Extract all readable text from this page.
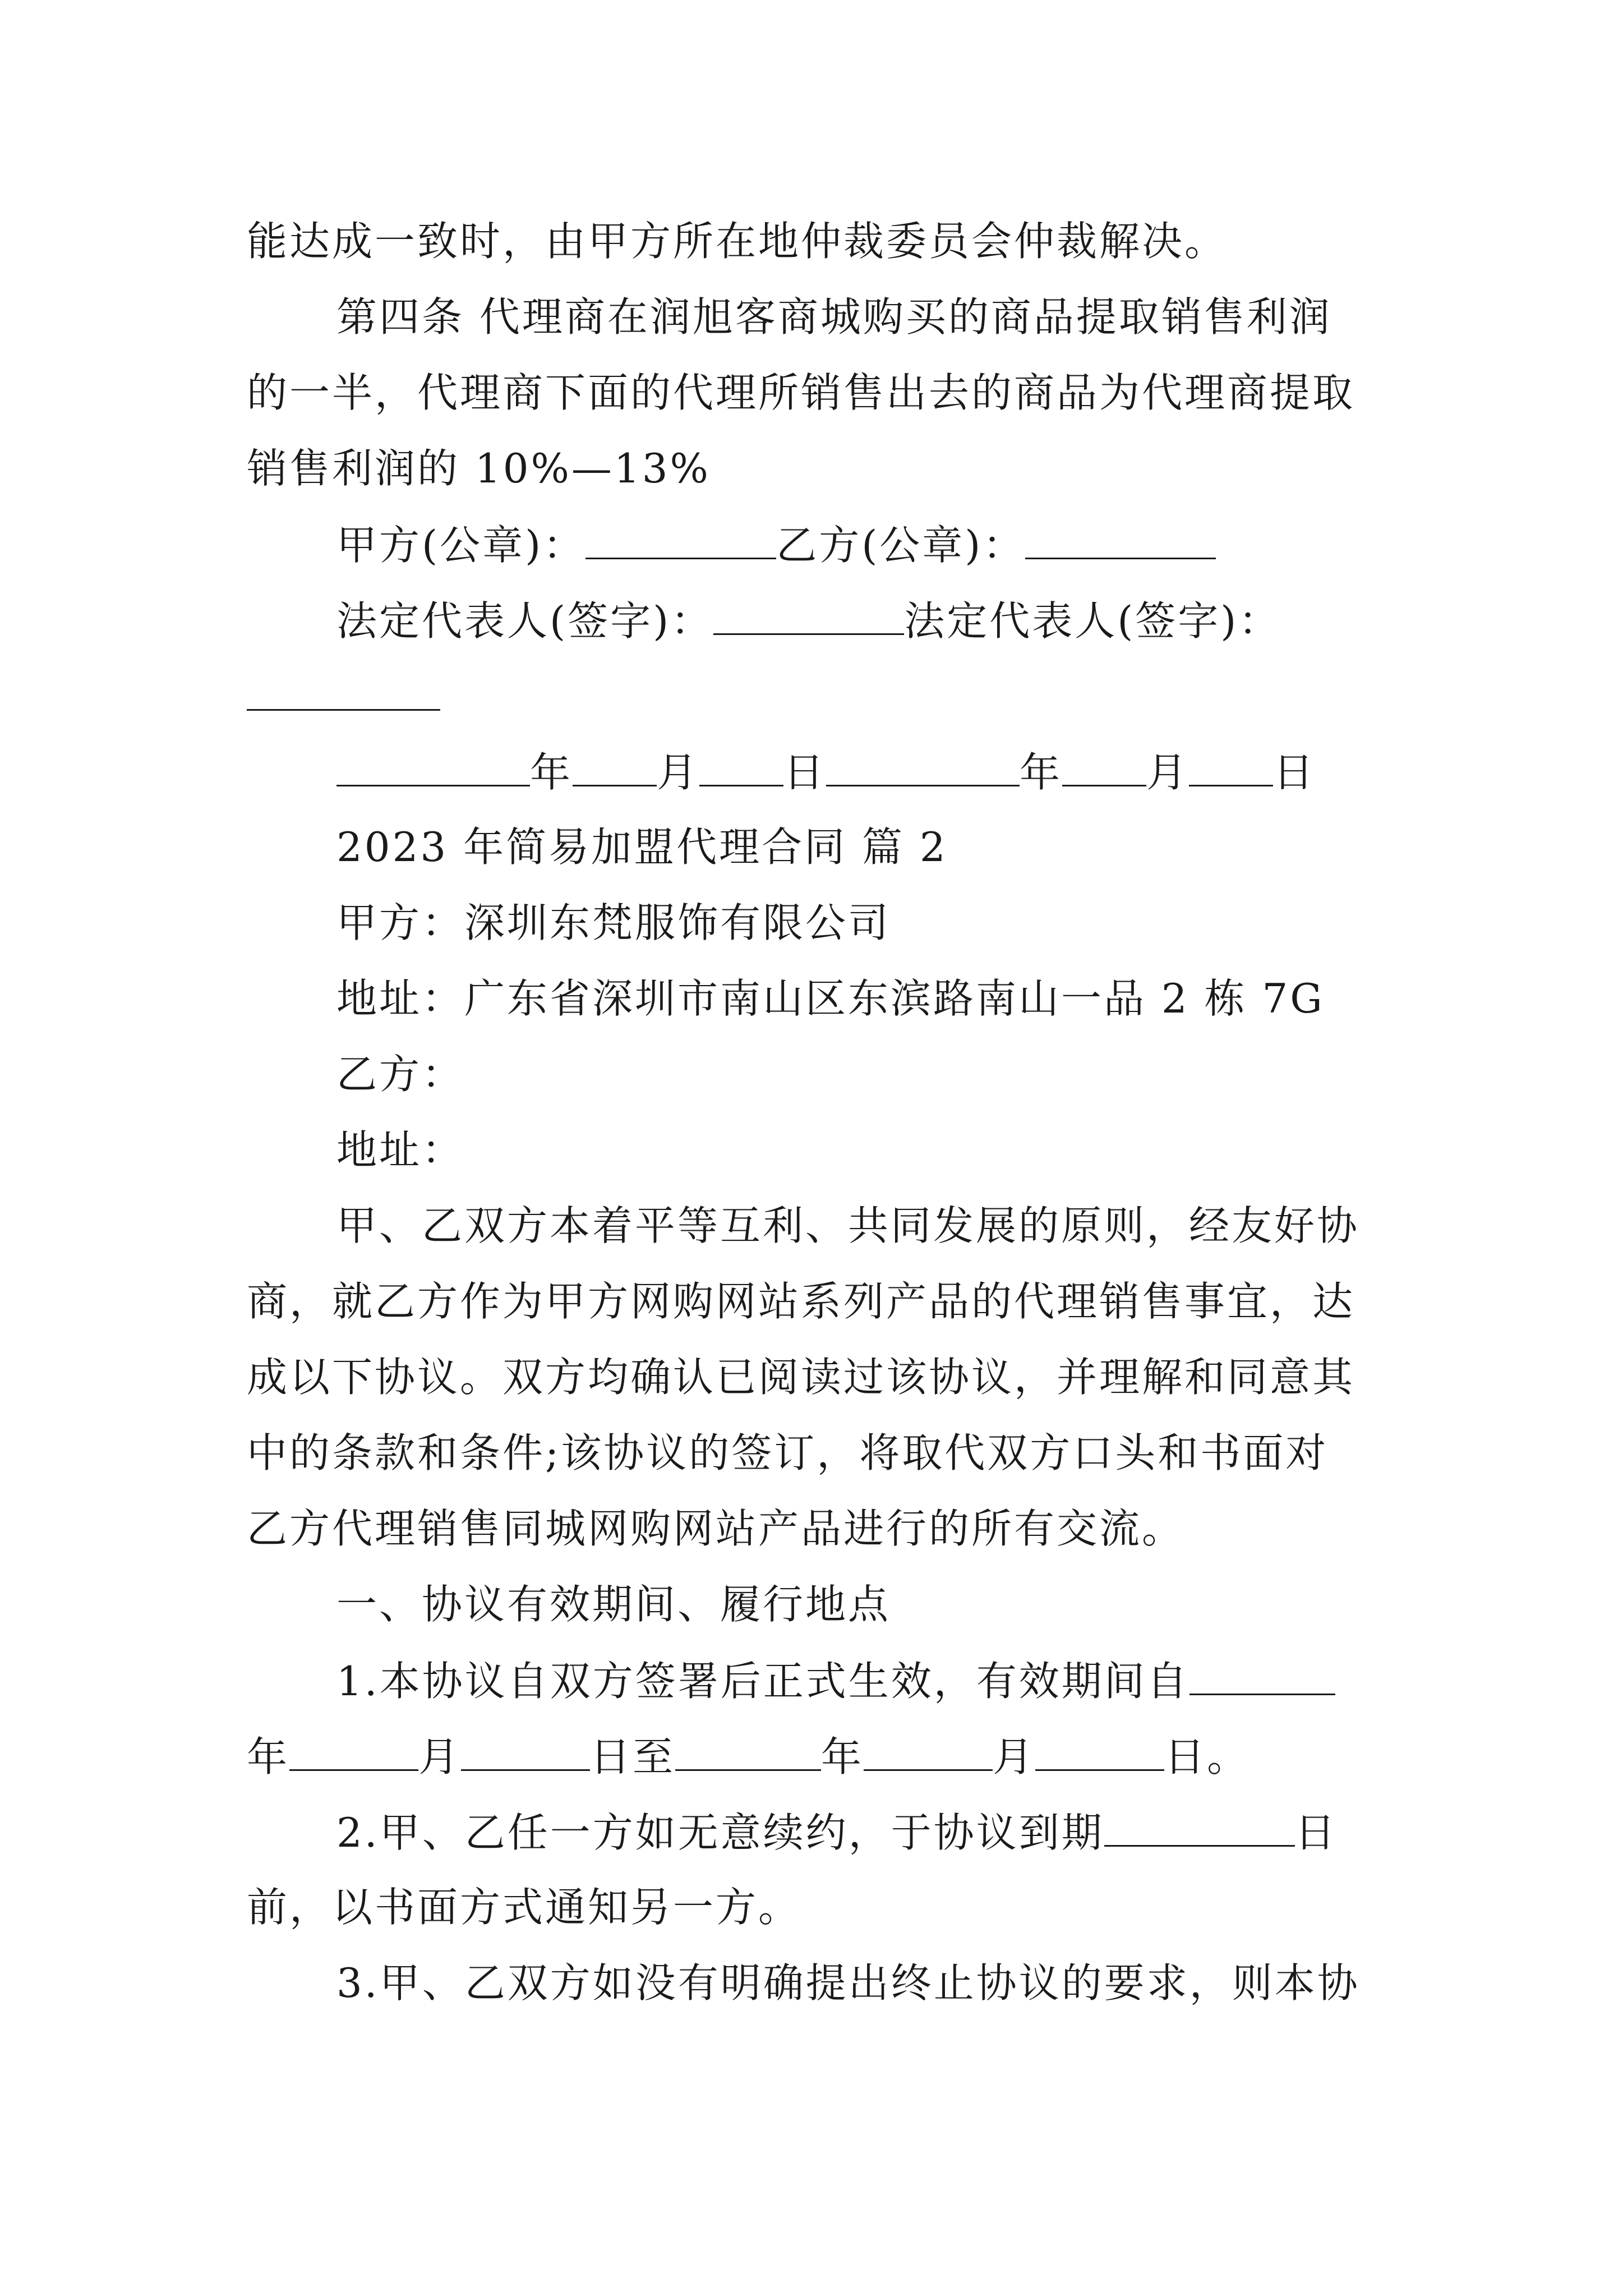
能达成一致时，由甲方所在地仲裁委员会仲裁解决。
第四条 代理商在润旭客商城购买的商品提取销售利润
的一半，代理商下面的代理所销售出去的商品为代理商提取
销售利润的 10%—13%
甲方(公章)：	乙方(公章)：
法定代表人(签字)：	法定代表人(签字)：
年 月 日	年 月 日
2023 年简易加盟代理合同 篇 2
甲方：深圳东梵服饰有限公司
地址：广东省深圳市南山区东滨路南山一品 2 栋 7G
乙方：
地址：
甲、乙双方本着平等互利、共同发展的原则，经友好协
商，就乙方作为甲方网购网站系列产品的代理销售事宜，达
成以下协议。双方均确认已阅读过该协议，并理解和同意其
中的条款和条件;该协议的签订，将取代双方口头和书面对
乙方代理销售同城网购网站产品进行的所有交流。
一、协议有效期间、履行地点
1.本协议自双方签署后正式生效，有效期间自
年	月	日至	年	月	日。
2.甲、乙任一方如无意续约，于协议到期	日
前，以书面方式通知另一方。
3.甲、乙双方如没有明确提出终止协议的要求，则本协
